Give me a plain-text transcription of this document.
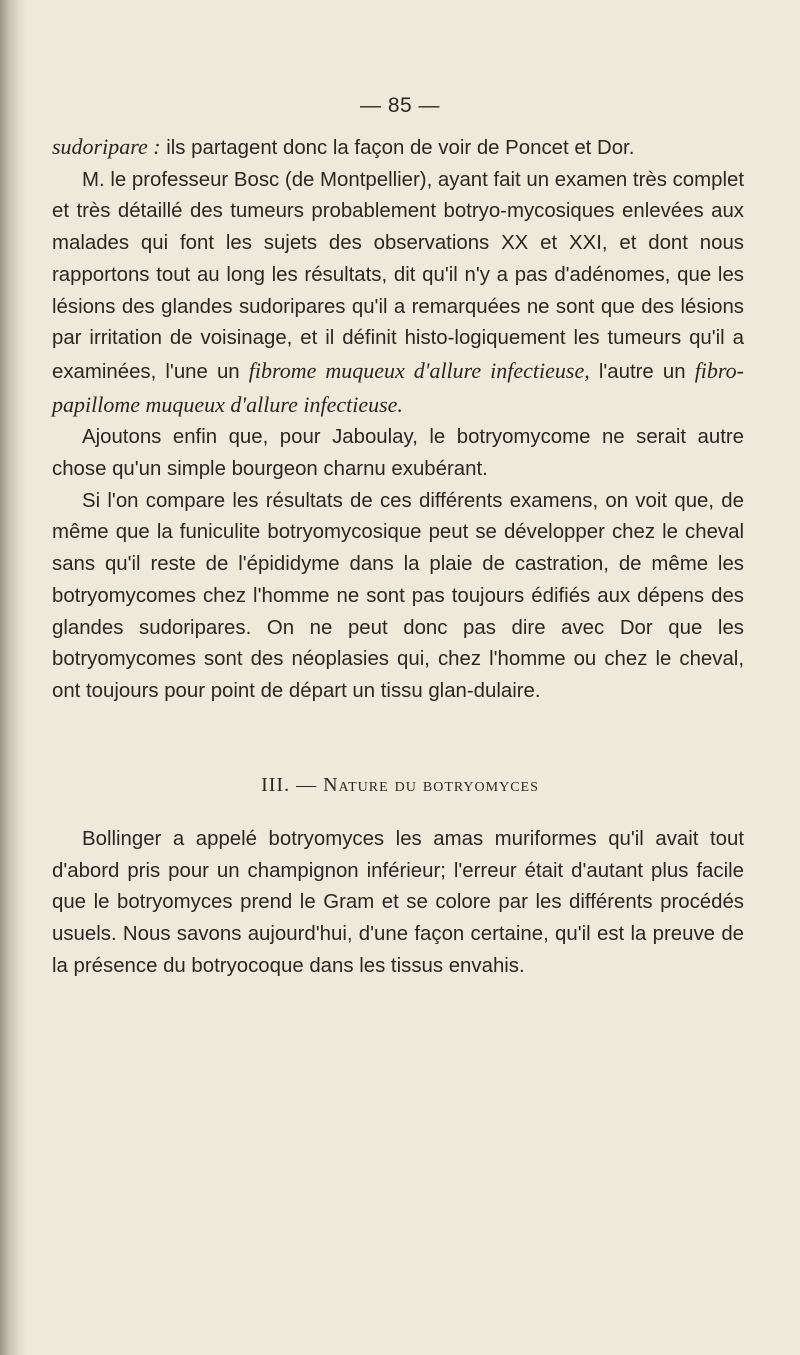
— 85 —

sudoripare : ils partagent donc la façon de voir de Poncet et Dor.

M. le professeur Bosc (de Montpellier), ayant fait un examen très complet et très détaillé des tumeurs probablement botryo-mycosiques enlevées aux malades qui font les sujets des observations XX et XXI, et dont nous rapportons tout au long les résultats, dit qu'il n'y a pas d'adénomes, que les lésions des glandes sudoripares qu'il a remarquées ne sont que des lésions par irritation de voisinage, et il définit histo-logiquement les tumeurs qu'il a examinées, l'une un fibrome muqueux d'allure infectieuse, l'autre un fibro-papillome muqueux d'allure infectieuse.

Ajoutons enfin que, pour Jaboulay, le botryomycome ne serait autre chose qu'un simple bourgeon charnu exubérant.

Si l'on compare les résultats de ces différents examens, on voit que, de même que la funiculite botryomycosique peut se développer chez le cheval sans qu'il reste de l'épididyme dans la plaie de castration, de même les botryomycomes chez l'homme ne sont pas toujours édifiés aux dépens des glandes sudoripares. On ne peut donc pas dire avec Dor que les botryomycomes sont des néoplasies qui, chez l'homme ou chez le cheval, ont toujours pour point de départ un tissu glan-dulaire.

III. — Nature du botryomyces

Bollinger a appelé botryomyces les amas muriformes qu'il avait tout d'abord pris pour un champignon inférieur; l'erreur était d'autant plus facile que le botryomyces prend le Gram et se colore par les différents procédés usuels. Nous savons aujourd'hui, d'une façon certaine, qu'il est la preuve de la présence du botryocoque dans les tissus envahis.
